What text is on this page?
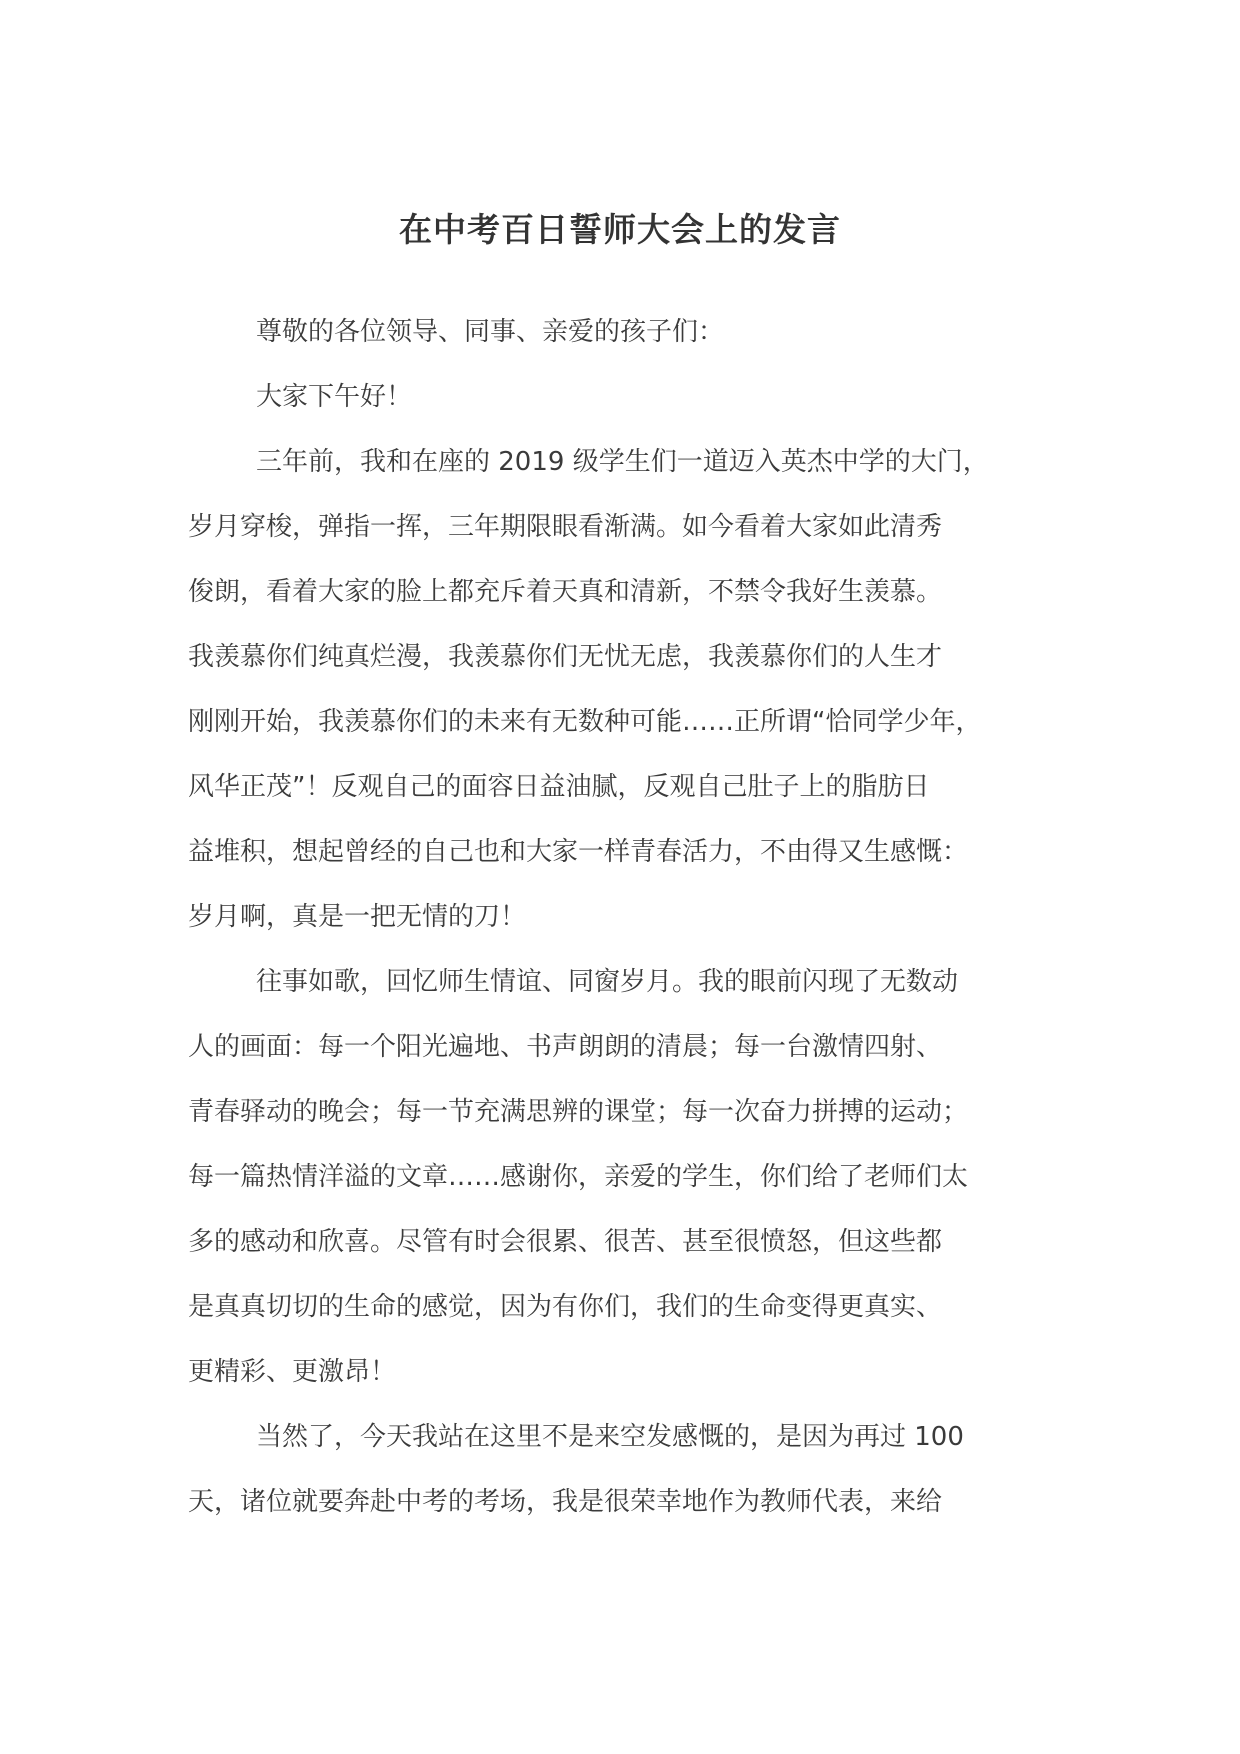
在中考百日誓师大会上的发言
尊敬的各位领导、同事、亲爱的孩子们：
大家下午好！
三年前，我和在座的 2019 级学生们一道迈入英杰中学的大门，
岁月穿梭，弹指一挥，三年期限眼看渐满。如今看着大家如此清秀
俊朗，看着大家的脸上都充斥着天真和清新，不禁令我好生羡慕。
我羡慕你们纯真烂漫，我羡慕你们无忧无虑，我羡慕你们的人生才
刚刚开始，我羡慕你们的未来有无数种可能……正所谓“恰同学少年，
风华正茂”！反观自己的面容日益油腻，反观自己肚子上的脂肪日
益堆积，想起曾经的自己也和大家一样青春活力，不由得又生感慨：
岁月啊，真是一把无情的刀！
往事如歌，回忆师生情谊、同窗岁月。我的眼前闪现了无数动
人的画面：每一个阳光遍地、书声朗朗的清晨；每一台激情四射、
青春驿动的晚会；每一节充满思辨的课堂；每一次奋力拼搏的运动；
每一篇热情洋溢的文章……感谢你，亲爱的学生，你们给了老师们太
多的感动和欣喜。尽管有时会很累、很苦、甚至很愤怒，但这些都
是真真切切的生命的感觉，因为有你们，我们的生命变得更真实、
更精彩、更激昂！
当然了，今天我站在这里不是来空发感慨的，是因为再过 100
天，诸位就要奔赴中考的考场，我是很荣幸地作为教师代表，来给
